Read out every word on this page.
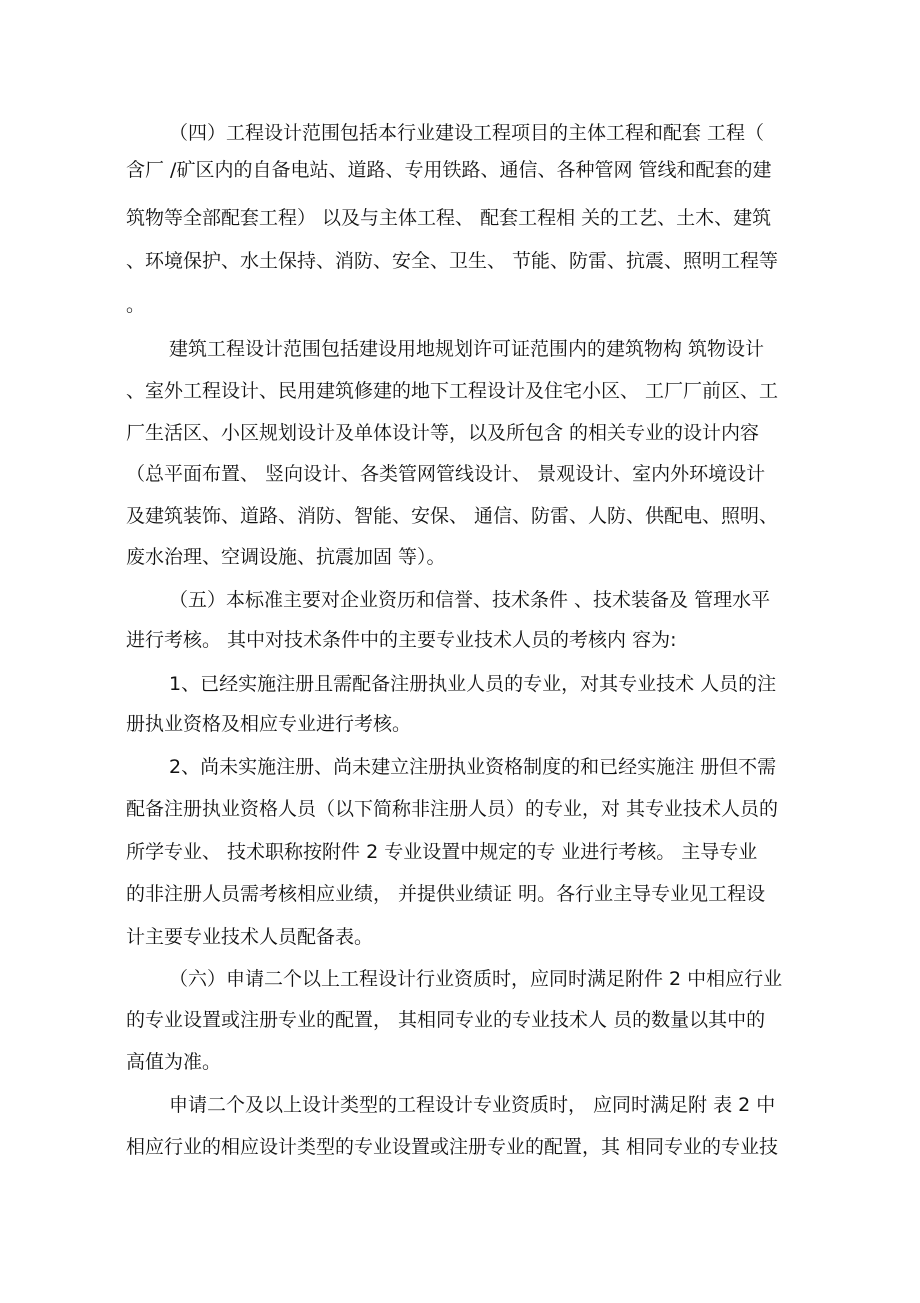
（四）工程设计范围包括本行业建设工程项目的主体工程和配套 工程（
含厂 /矿区内的自备电站、道路、专用铁路、通信、各种管网 管线和配套的建
筑物等全部配套工程） 以及与主体工程、 配套工程相 关的工艺、土木、建筑
、环境保护、水土保持、消防、安全、卫生、 节能、防雷、抗震、照明工程等
。
建筑工程设计范围包括建设用地规划许可证范围内的建筑物构 筑物设计
、室外工程设计、民用建筑修建的地下工程设计及住宅小区、 工厂厂前区、工
厂生活区、小区规划设计及单体设计等，以及所包含 的相关专业的设计内容
（总平面布置、 竖向设计、各类管网管线设计、 景观设计、室内外环境设计
及建筑装饰、道路、消防、智能、安保、 通信、防雷、人防、供配电、照明、
废水治理、空调设施、抗震加固 等）。
（五）本标准主要对企业资历和信誉、技术条件 、技术装备及 管理水平
进行考核。 其中对技术条件中的主要专业技术人员的考核内 容为:
1、已经实施注册且需配备注册执业人员的专业，对其专业技术 人员的注
册执业资格及相应专业进行考核。
2、尚未实施注册、尚未建立注册执业资格制度的和已经实施注 册但不需
配备注册执业资格人员（以下简称非注册人员）的专业，对 其专业技术人员的
所学专业、 技术职称按附件 2 专业设置中规定的专 业进行考核。 主导专业
的非注册人员需考核相应业绩， 并提供业绩证 明。各行业主导专业见工程设
计主要专业技术人员配备表。
（六）申请二个以上工程设计行业资质时，应同时满足附件 2 中相应行业
的专业设置或注册专业的配置， 其相同专业的专业技术人 员的数量以其中的
高值为准。
申请二个及以上设计类型的工程设计专业资质时， 应同时满足附 表 2 中
相应行业的相应设计类型的专业设置或注册专业的配置，其 相同专业的专业技
